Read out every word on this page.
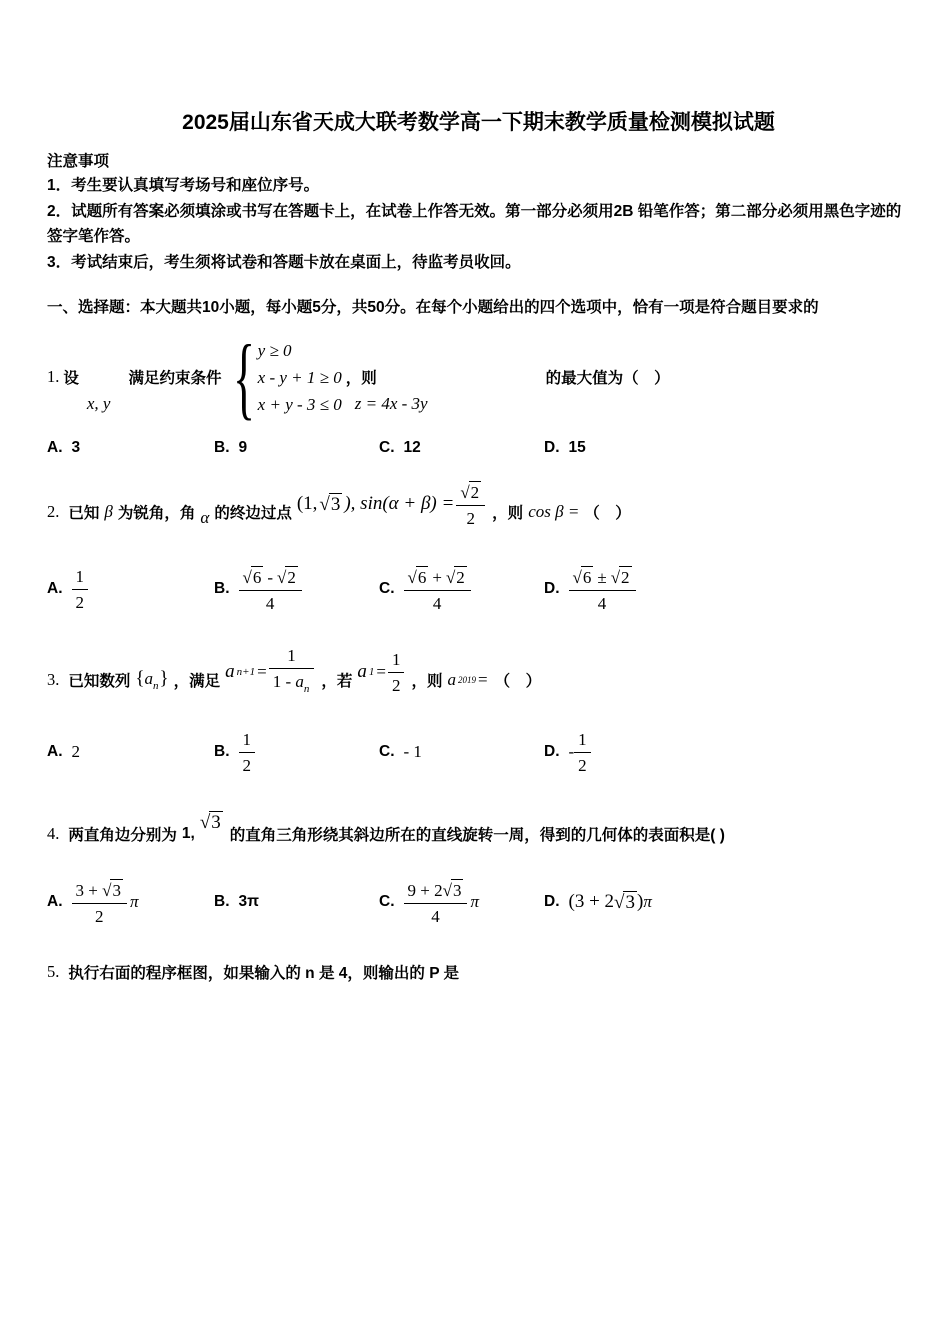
2025届山东省天成大联考数学高一下期末教学质量检测模拟试题
注意事项
1．考生要认真填写考场号和座位序号。
2．试题所有答案必须填涂或书写在答题卡上，在试卷上作答无效。第一部分必须用2B 铅笔作答；第二部分必须用黑色字迹的签字笔作答。
3．考试结束后，考生须将试卷和答题卡放在桌面上，待监考员收回。
一、选择题：本大题共10小题，每小题5分，共50分。在每个小题给出的四个选项中，恰有一项是符合题目要求的
1. 设
x, y
满足约束条件 { y ≥ 0
x - y + 1 ≥ 0
x + y - 3 ≤ 0
，则
z = 4x - 3y
的最大值为（　）
A. 3	B. 9	C. 12	D. 15
2. 已知 β 为锐角，角 α 的终边过点 (1, √3 ), $\sin(\alpha + \beta) = \frac{√2}{2}$ ，则 cos β = （　）
A. $\frac{1}{2}$	B. $\frac{√6 - √2}{4}$	C. $\frac{√6 + √2}{4}$	D. $\frac{√6 \pm √2}{4}$
3. 已知数列 $\{a_n\}$ ，满足 a $n+1 = \frac{1}{1 - a_n}$ ，若 a $1 = \frac{1}{2}$ ，则 a 2019 = （　）
A. 2	B. $\frac{1}{2}$	C. - 1	D. - $\frac{1}{2}$
4. 两直角边分别为 1,
√3
的直角三角形绕其斜边所在的直线旋转一周，得到的几何体的表面积是( )
A. $\frac{3 + √3}{2}$ π	B. 3π	C. $\frac{9 + 2√3}{4}$ π	D. (3 + 2 √3 ) π
5. 执行右面的程序框图，如果输入的 n 是 4，则输出的 P 是
